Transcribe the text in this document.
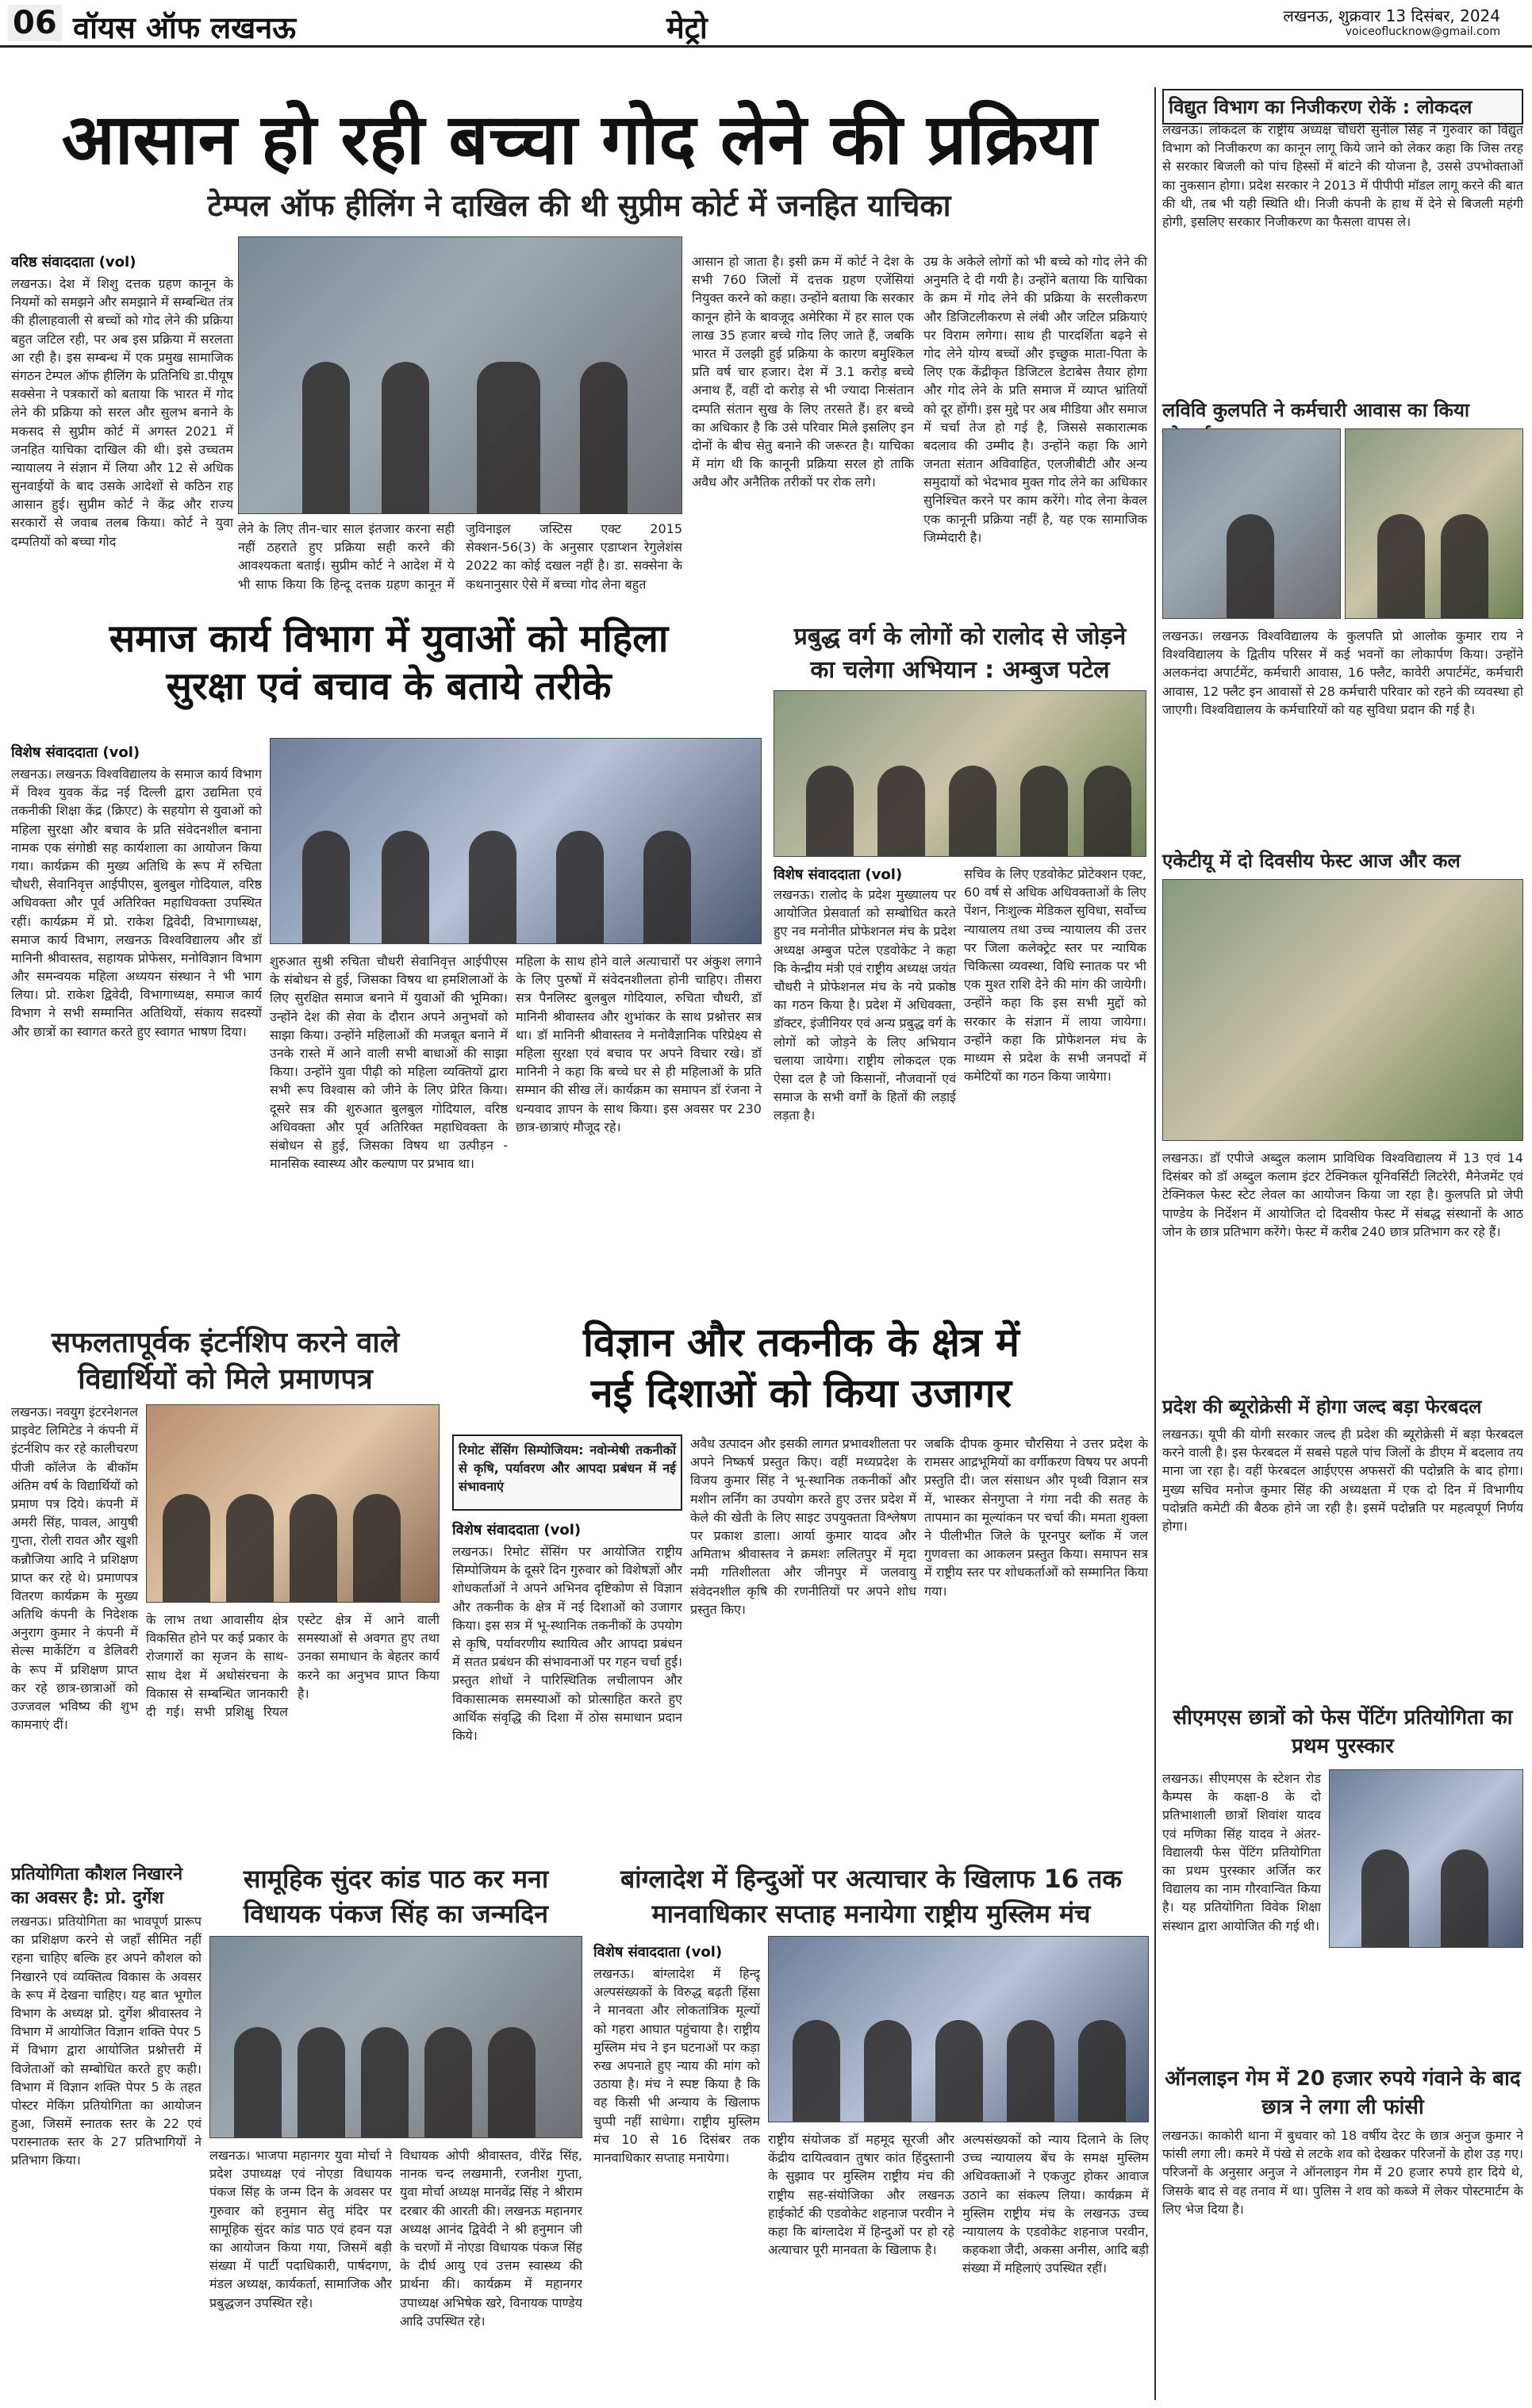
06 वॉयस ऑफ लखनऊ	मेट्रो	लखनऊ, शुक्रवार 13 दिसंबर, 2024
voiceoflucknow@gmail.com
आसान हो रही बच्चा गोद लेने की प्रक्रिया
टेम्पल ऑफ हीलिंग ने दाखिल की थी सुप्रीम कोर्ट में जनहित याचिका
वरिष्ठ संवाददाता (vol)
लखनऊ। देश में शिशु दत्तक ग्रहण कानून के नियमों को समझने और समझाने में सम्बन्धित तंत्र की हीलाहवाली से बच्चों को गोद लेने की प्रक्रिया बहुत जटिल रही, पर अब इस प्रक्रिया में सरलता आ रही है। इस सम्बन्ध में एक प्रमुख सामाजिक संगठन टेम्पल ऑफ हीलिंग के प्रतिनिधि डा.पीयूष सक्सेना ने पत्रकारों को बताया कि भारत में गोद लेने की प्रक्रिया को सरल और सुलभ बनाने के मकसद से सुप्रीम कोर्ट में अगस्त 2021 में जनहित याचिका दाखिल की थी। इसे उच्चतम न्यायालय ने संज्ञान में लिया और 12 से अधिक सुनवाईयों के बाद उसके आदेशों से कठिन राह आसान हुई। सुप्रीम कोर्ट ने केंद्र और राज्य सरकारों से जवाब तलब किया। कोर्ट ने युवा दम्पतियों को बच्चा गोद
लेने के लिए तीन-चार साल इंतजार करना सही नहीं ठहराते हुए प्रक्रिया सही करने की आवश्यकता बताई। सुप्रीम कोर्ट ने आदेश में ये भी साफ किया कि हिन्दू दत्तक ग्रहण कानून में जुविनाइल जस्टिस एक्ट 2015 सेक्शन-56(3) के अनुसार एडाप्शन रेगुलेशंस 2022 का कोई दखल नहीं है। डा. सक्सेना के कथनानुसार ऐसे में बच्चा गोद लेना बहुत
आसान हो जाता है। इसी क्रम में कोर्ट ने देश के सभी 760 जिलों में दत्तक ग्रहण एजेंसियां नियुक्त करने को कहा। उन्होंने बताया कि सरकार कानून होने के बावजूद अमेरिका में हर साल एक लाख 35 हजार बच्चे गोद लिए जाते हैं, जबकि भारत में उलझी हुई प्रक्रिया के कारण बमुश्किल प्रति वर्ष चार हजार। देश में 3.1 करोड़ बच्चे अनाथ हैं, वहीं दो करोड़ से भी ज्यादा निःसंतान दम्पति संतान सुख के लिए तरसते हैं। हर बच्चे का अधिकार है कि उसे परिवार मिले इसलिए इन दोनों के बीच सेतु बनाने की जरूरत है। याचिका में मांग थी कि कानूनी प्रक्रिया सरल हो ताकि अवैध और अनैतिक तरीकों पर रोक लगे।
उम्र के अकेले लोगों को भी बच्चे को गोद लेने की अनुमति दे दी गयी है। उन्होंने बताया कि याचिका के क्रम में गोद लेने की प्रक्रिया के सरलीकरण और डिजिटलीकरण से लंबी और जटिल प्रक्रियाएं पर विराम लगेगा। साथ ही पारदर्शिता बढ़ने से गोद लेने योग्य बच्चों और इच्छुक माता-पिता के लिए एक केंद्रीकृत डिजिटल डेटाबेस तैयार होगा और गोद लेने के प्रति समाज में व्याप्त भ्रांतियों को दूर होंगी। इस मुद्दे पर अब मीडिया और समाज में चर्चा तेज हो गई है, जिससे सकारात्मक बदलाव की उम्मीद है। उन्होंने कहा कि आगे जनता संतान अविवाहित, एलजीबीटी और अन्य समुदायों को भेदभाव मुक्त गोद लेने का अधिकार सुनिश्चित करने पर काम करेंगे। गोद लेना केवल एक कानूनी प्रक्रिया नहीं है, यह एक सामाजिक जिम्मेदारी है।
समाज कार्य विभाग में युवाओं को महिला
सुरक्षा एवं बचाव के बताये तरीके
विशेष संवाददाता (vol)
लखनऊ। लखनऊ विश्वविद्यालय के समाज कार्य विभाग में विश्व युवक केंद्र नई दिल्ली द्वारा उद्यमिता एवं तकनीकी शिक्षा केंद्र (क्रिएट) के सहयोग से युवाओं को महिला सुरक्षा और बचाव के प्रति संवेदनशील बनाना नामक एक संगोष्ठी सह कार्यशाला का आयोजन किया गया। कार्यक्रम की मुख्य अतिथि के रूप में रुचिता चौधरी, सेवानिवृत्त आईपीएस, बुलबुल गोदियाल, वरिष्ठ अधिवक्ता और पूर्व अतिरिक्त महाधिवक्ता उपस्थित रहीं। कार्यक्रम में प्रो. राकेश द्विवेदी, विभागाध्यक्ष, समाज कार्य विभाग, लखनऊ विश्वविद्यालय और डॉ मानिनी श्रीवास्तव, सहायक प्रोफेसर, मनोविज्ञान विभाग और समन्वयक महिला अध्ययन संस्थान ने भी भाग लिया। प्रो. राकेश द्विवेदी, विभागाध्यक्ष, समाज कार्य विभाग ने सभी सम्मानित अतिथियों, संकाय सदस्यों और छात्रों का स्वागत करते हुए स्वागत भाषण दिया।
शुरुआत सुश्री रुचिता चौधरी सेवानिवृत्त आईपीएस के संबोधन से हुई, जिसका विषय था हमशिलाओं के लिए सुरक्षित समाज बनाने में युवाओं की भूमिका। उन्होंने देश की सेवा के दौरान अपने अनुभवों को साझा किया। उन्होंने महिलाओं की मजबूत बनाने में उनके रास्ते में आने वाली सभी बाधाओं की साझा किया। उन्होंने युवा पीढ़ी को महिला व्यक्तियों द्वारा सभी रूप विश्वास को जीने के लिए प्रेरित किया। दूसरे सत्र की शुरुआत बुलबुल गोदियाल, वरिष्ठ अधिवक्ता और पूर्व अतिरिक्त महाधिवक्ता के संबोधन से हुई, जिसका विषय था उत्पीड़न - मानसिक स्वास्थ्य और कल्याण पर प्रभाव था।
महिला के साथ होने वाले अत्याचारों पर अंकुश लगाने के लिए पुरुषों में संवेदनशीलता होनी चाहिए। तीसरा सत्र पैनलिस्ट बुलबुल गोदियाल, रुचिता चौधरी, डॉ मानिनी श्रीवास्तव और शुभांकर के साथ प्रश्नोत्तर सत्र था। डॉ मानिनी श्रीवास्तव ने मनोवैज्ञानिक परिप्रेक्ष्य से महिला सुरक्षा एवं बचाव पर अपने विचार रखे। डॉ मानिनी ने कहा कि बच्चे घर से ही महिलाओं के प्रति सम्मान की सीख लें। कार्यक्रम का समापन डॉ रंजना ने धन्यवाद ज्ञापन के साथ किया। इस अवसर पर 230 छात्र-छात्राएं मौजूद रहे।
प्रबुद्ध वर्ग के लोगों को रालोद से जोड़ने
का चलेगा अभियान : अम्बुज पटेल
विशेष संवाददाता (vol)
लखनऊ। रालोद के प्रदेश मुख्यालय पर आयोजित प्रेसवार्ता को सम्बोधित करते हुए नव मनोनीत प्रोफेशनल मंच के प्रदेश अध्यक्ष अम्बुज पटेल एडवोकेट ने कहा कि केन्द्रीय मंत्री एवं राष्ट्रीय अध्यक्ष जयंत चौधरी ने प्रोफेशनल मंच के नये प्रकोष्ठ का गठन किया है। प्रदेश में अधिवक्ता, डॉक्टर, इंजीनियर एवं अन्य प्रबुद्ध वर्ग के लोगों को जोड़ने के लिए अभियान चलाया जायेगा। राष्ट्रीय लोकदल एक ऐसा दल है जो किसानों, नौजवानों एवं समाज के सभी वर्गों के हितों की लड़ाई लड़ता है।
सचिव के लिए एडवोकेट प्रोटेक्शन एक्ट, 60 वर्ष से अधिक अधिवक्ताओं के लिए पेंशन, निःशुल्क मेडिकल सुविधा, सर्वोच्च न्यायालय तथा उच्च न्यायालय की उत्तर पर जिला कलेक्ट्रेट स्तर पर न्यायिक चिकित्सा व्यवस्था, विधि स्नातक पर भी एक मुश्त राशि देने की मांग की जायेगी। उन्होंने कहा कि इस सभी मुद्दों को सरकार के संज्ञान में लाया जायेगा। उन्होंने कहा कि प्रोफेशनल मंच के माध्यम से प्रदेश के सभी जनपदों में कमेटियों का गठन किया जायेगा।
सफलतापूर्वक इंटर्नशिप करने वाले
विद्यार्थियों को मिले प्रमाणपत्र
लखनऊ। नवयुग इंटरनेशनल प्राइवेट लिमिटेड ने कंपनी में इंटर्नशिप कर रहे कालीचरण पीजी कॉलेज के बीकॉम अंतिम वर्ष के विद्यार्थियों को प्रमाण पत्र दिये। कंपनी में अमरी सिंह, पावल, आयुषी गुप्ता, रोली रावत और खुशी कन्नौजिया आदि ने प्रशिक्षण प्राप्त कर रहे थे। प्रमाणपत्र वितरण कार्यक्रम के मुख्य अतिथि कंपनी के निदेशक अनुराग कुमार ने कंपनी में सेल्स मार्केटिंग व डेलिवरी के रूप में प्रशिक्षण प्राप्त कर रहे छात्र-छात्राओं को उज्जवल भविष्य की शुभ कामनाएं दीं।
के लाभ तथा आवासीय क्षेत्र विकसित होने पर कई प्रकार के रोजगारों का सृजन के साथ-साथ देश में अधोसंरचना के विकास से सम्बन्धित जानकारी दी गई। सभी प्रशिक्षु रियल एस्टेट क्षेत्र में आने वाली समस्याओं से अवगत हुए तथा उनका समाधान के बेहतर कार्य करने का अनुभव प्राप्त किया है।
विज्ञान और तकनीक के क्षेत्र में
नई दिशाओं को किया उजागर
रिमोट सेंसिंग सिम्पोजियम: नवोन्मेषी तकनीकों से कृषि, पर्यावरण और आपदा प्रबंधन में नई संभावनाएं
विशेष संवाददाता (vol)
लखनऊ। रिमोट सेंसिंग पर आयोजित राष्ट्रीय सिम्पोजियम के दूसरे दिन गुरुवार को विशेषज्ञों और शोधकर्ताओं ने अपने अभिनव दृष्टिकोण से विज्ञान और तकनीक के क्षेत्र में नई दिशाओं को उजागर किया। इस सत्र में भू-स्थानिक तकनीकों के उपयोग से कृषि, पर्यावरणीय स्थायित्व और आपदा प्रबंधन में सतत प्रबंधन की संभावनाओं पर गहन चर्चा हुई। प्रस्तुत शोधों ने पारिस्थितिक लचीलापन और विकासात्मक समस्याओं को प्रोत्साहित करते हुए आर्थिक संवृद्धि की दिशा में ठोस समाधान प्रदान किये।
अवैध उत्पादन और इसकी लागत प्रभावशीलता पर अपने निष्कर्ष प्रस्तुत किए। वहीं मध्यप्रदेश के विजय कुमार सिंह ने भू-स्थानिक तकनीकों और मशीन लर्निंग का उपयोग करते हुए उत्तर प्रदेश में केले की खेती के लिए साइट उपयुक्तता विश्लेषण पर प्रकाश डाला। आर्या कुमार यादव और अमिताभ श्रीवास्तव ने क्रमशः ललितपुर में मृदा नमी गतिशीलता और जीनपुर में जलवायु संवेदनशील कृषि की रणनीतियों पर अपने शोध प्रस्तुत किए।
जबकि दीपक कुमार चौरसिया ने उत्तर प्रदेश के रामसर आद्रभूमियों का वर्गीकरण विषय पर अपनी प्रस्तुति दी। जल संसाधन और पृथ्वी विज्ञान सत्र में, भास्कर सेनगुप्ता ने गंगा नदी की सतह के तापमान का मूल्यांकन पर चर्चा की। ममता शुक्ला ने पीलीभीत जिले के पूरनपुर ब्लॉक में जल गुणवत्ता का आकलन प्रस्तुत किया। समापन सत्र में राष्ट्रीय स्तर पर शोधकर्ताओं को सम्मानित किया गया।
प्रतियोगिता कौशल निखारने का अवसर है: प्रो. दुर्गेश
लखनऊ। प्रतियोगिता का भावपूर्ण प्रारूप का प्रशिक्षण करने से जहाँ सीमित नहीं रहना चाहिए बल्कि हर अपने कौशल को निखारने एवं व्यक्तित्व विकास के अवसर के रूप में देखना चाहिए। यह बात भूगोल विभाग के अध्यक्ष प्रो. दुर्गेश श्रीवास्तव ने विभाग में आयोजित विज्ञान शक्ति पेपर 5 में विभाग द्वारा आयोजित प्रश्नोत्तरी में विजेताओं को सम्बोधित करते हुए कही। विभाग में विज्ञान शक्ति पेपर 5 के तहत पोस्टर मेकिंग प्रतियोगिता का आयोजन हुआ, जिसमें स्नातक स्तर के 22 एवं परास्नातक स्तर के 27 प्रतिभागियों ने प्रतिभाग किया।
सामूहिक सुंदर कांड पाठ कर मना
विधायक पंकज सिंह का जन्मदिन
लखनऊ। भाजपा महानगर युवा मोर्चा ने प्रदेश उपाध्यक्ष एवं नोएडा विधायक पंकज सिंह के जन्म दिन के अवसर पर गुरुवार को हनुमान सेतु मंदिर पर सामूहिक सुंदर कांड पाठ एवं हवन यज्ञ का आयोजन किया गया, जिसमें बड़ी संख्या में पार्टी पदाधिकारी, पार्षदगण, मंडल अध्यक्ष, कार्यकर्ता, सामाजिक और प्रबुद्धजन उपस्थित रहे।
विधायक ओपी श्रीवास्तव, वीरेंद्र सिंह, नानक चन्द लखमानी, रजनीश गुप्ता, युवा मोर्चा अध्यक्ष मानवेंद्र सिंह ने श्रीराम दरबार की आरती की। लखनऊ महानगर अध्यक्ष आनंद द्विवेदी ने श्री हनुमान जी के चरणों में नोएडा विधायक पंकज सिंह के दीर्घ आयु एवं उत्तम स्वास्थ्य की प्रार्थना की। कार्यक्रम में महानगर उपाध्यक्ष अभिषेक खरे, विनायक पाण्डेय आदि उपस्थित रहे।
बांग्लादेश में हिन्दुओं पर अत्याचार के खिलाफ 16 तक
मानवाधिकार सप्ताह मनायेगा राष्ट्रीय मुस्लिम मंच
विशेष संवाददाता (vol)
लखनऊ। बांग्लादेश में हिन्दू अल्पसंख्यकों के विरुद्ध बढ़ती हिंसा ने मानवता और लोकतांत्रिक मूल्यों को गहरा आघात पहुंचाया है। राष्ट्रीय मुस्लिम मंच ने इन घटनाओं पर कड़ा रुख अपनाते हुए न्याय की मांग को उठाया है। मंच ने स्पष्ट किया है कि वह किसी भी अन्याय के खिलाफ चुप्पी नहीं साधेगा। राष्ट्रीय मुस्लिम मंच 10 से 16 दिसंबर तक मानवाधिकार सप्ताह मनायेगा।
राष्ट्रीय संयोजक डॉ महमूद सूरजी और केंद्रीय दायित्ववान तुषार कांत हिंदुस्तानी के सुझाव पर मुस्लिम राष्ट्रीय मंच की राष्ट्रीय सह-संयोजिका और लखनऊ हाईकोर्ट की एडवोकेट शहनाज परवीन ने कहा कि बांग्लादेश में हिन्दुओं पर हो रहे अत्याचार पूरी मानवता के खिलाफ है।
अल्पसंख्यकों को न्याय दिलाने के लिए उच्च न्यायालय बेंच के समक्ष मुस्लिम अधिवक्ताओं ने एकजुट होकर आवाज उठाने का संकल्प लिया। कार्यक्रम में मुस्लिम राष्ट्रीय मंच के लखनऊ उच्च न्यायालय के एडवोकेट शहनाज परवीन, कहकशा जैदी, अकसा अनीस, आदि बड़ी संख्या में महिलाएं उपस्थित रहीं।
विद्युत विभाग का निजीकरण रोकें : लोकदल
लखनऊ। लोकदल के राष्ट्रीय अध्यक्ष चौधरी सुनील सिंह ने गुरुवार को विद्युत विभाग को निजीकरण का कानून लागू किये जाने को लेकर कहा कि जिस तरह से सरकार बिजली को पांच हिस्सों में बांटने की योजना है, उससे उपभोक्ताओं का नुकसान होगा। प्रदेश सरकार ने 2013 में पीपीपी मॉडल लागू करने की बात की थी, तब भी यही स्थिति थी। निजी कंपनी के हाथ में देने से बिजली महंगी होगी, इसलिए सरकार निजीकरण का फैसला वापस ले।
लविवि कुलपति ने कर्मचारी आवास का किया
लखनऊ। लखनऊ विश्वविद्यालय के कुलपति प्रो आलोक कुमार राय ने विश्वविद्यालय के द्वितीय परिसर में कई भवनों का लोकार्पण किया। उन्होंने अलकनंदा अपार्टमेंट, कर्मचारी आवास, 16 फ्लैट, कावेरी अपार्टमेंट, कर्मचारी आवास, 12 फ्लैट इन आवासों से 28 कर्मचारी परिवार को रहने की व्यवस्था हो जाएगी। विश्वविद्यालय के कर्मचारियों को यह सुविधा प्रदान की गई है।
एकेटीयू में दो दिवसीय फेस्ट आज और कल
लखनऊ। डॉ एपीजे अब्दुल कलाम प्राविधिक विश्वविद्यालय में 13 एवं 14 दिसंबर को डॉ अब्दुल कलाम इंटर टेक्निकल यूनिवर्सिटी लिटरेरी, मैनेजमेंट एवं टेक्निकल फेस्ट स्टेट लेवल का आयोजन किया जा रहा है। कुलपति प्रो जेपी पाण्डेय के निर्देशन में आयोजित दो दिवसीय फेस्ट में संबद्ध संस्थानों के आठ जोन के छात्र प्रतिभाग करेंगे। फेस्ट में करीब 240 छात्र प्रतिभाग कर रहे हैं।
प्रदेश की ब्यूरोक्रेसी में होगा जल्द बड़ा फेरबदल
लखनऊ। यूपी की योगी सरकार जल्द ही प्रदेश की ब्यूरोक्रेसी में बड़ा फेरबदल करने वाली है। इस फेरबदल में सबसे पहले पांच जिलों के डीएम में बदलाव तय माना जा रहा है। वहीं फेरबदल आईएएस अफसरों की पदोन्नति के बाद होगा। मुख्य सचिव मनोज कुमार सिंह की अध्यक्षता में एक दो दिन में विभागीय पदोन्नति कमेटी की बैठक होने जा रही है। इसमें पदोन्नति पर महत्वपूर्ण निर्णय होगा।
सीएमएस छात्रों को फेस पेंटिंग प्रतियोगिता का प्रथम पुरस्कार
लखनऊ। सीएमएस के स्टेशन रोड कैम्पस के कक्षा-8 के दो प्रतिभाशाली छात्रों शिवांश यादव एवं मणिका सिंह यादव ने अंतर-विद्यालयी फेस पेंटिंग प्रतियोगिता का प्रथम पुरस्कार अर्जित कर विद्यालय का नाम गौरवान्वित किया है। यह प्रतियोगिता विवेक शिक्षा संस्थान द्वारा आयोजित की गई थी।
ऑनलाइन गेम में 20 हजार रुपये गंवाने के बाद छात्र ने लगा ली फांसी
लखनऊ। काकोरी थाना में बुधवार को 18 वर्षीय देरट के छात्र अनुज कुमार ने फांसी लगा ली। कमरे में पंखे से लटके शव को देखकर परिजनों के होश उड़ गए। परिजनों के अनुसार अनुज ने ऑनलाइन गेम में 20 हजार रुपये हार दिये थे, जिसके बाद से वह तनाव में था। पुलिस ने शव को कब्जे में लेकर पोस्टमार्टम के लिए भेज दिया है।
